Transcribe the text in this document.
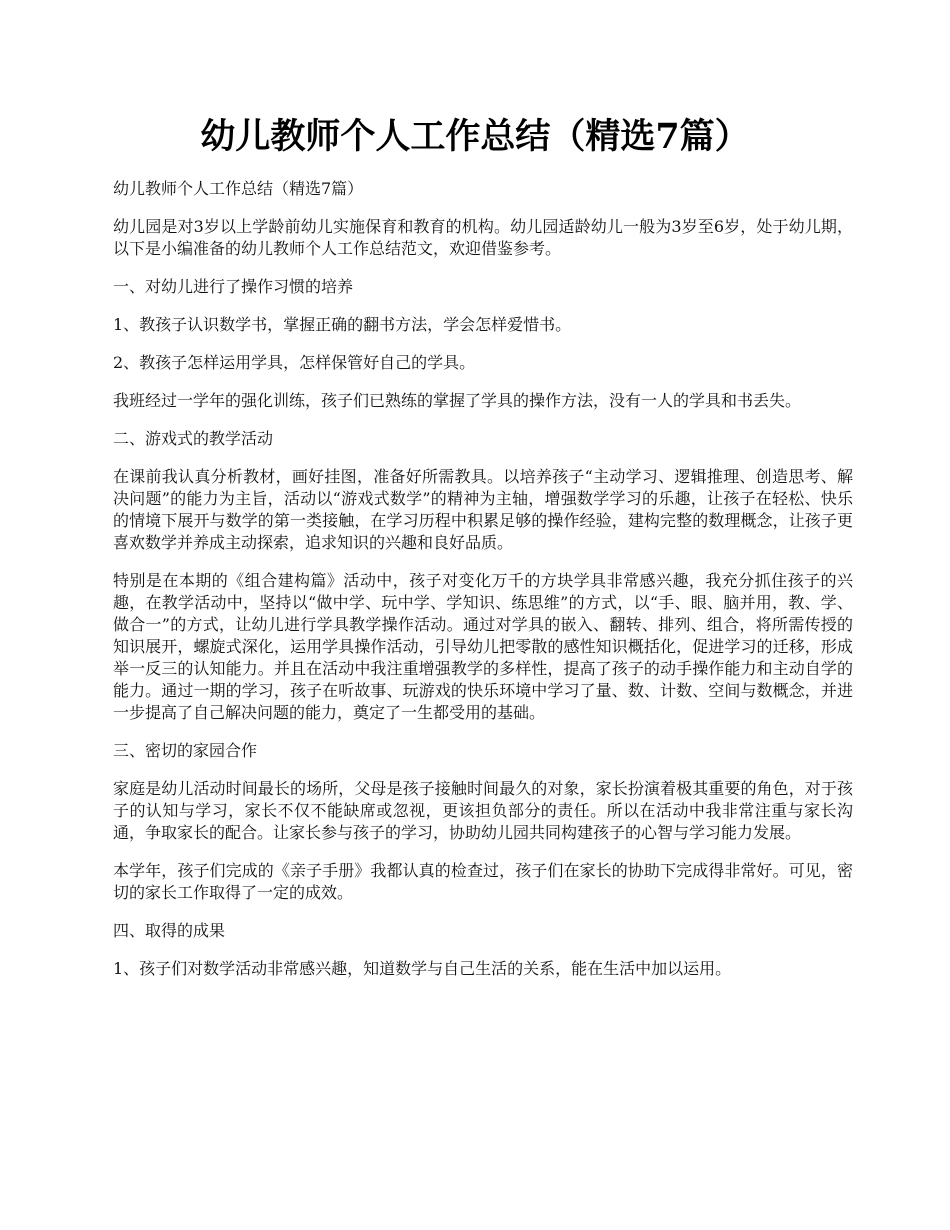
幼儿教师个人工作总结（精选7篇）

幼儿教师个人工作总结（精选7篇）

幼儿园是对3岁以上学龄前幼儿实施保育和教育的机构。幼儿园适龄幼儿一般为3岁至6岁，处于幼儿期，以下是小编准备的幼儿教师个人工作总结范文，欢迎借鉴参考。

一、对幼儿进行了操作习惯的培养

1、教孩子认识数学书，掌握正确的翻书方法，学会怎样爱惜书。

2、教孩子怎样运用学具，怎样保管好自己的学具。

我班经过一学年的强化训练，孩子们已熟练的掌握了学具的操作方法，没有一人的学具和书丢失。

二、游戏式的教学活动

在课前我认真分析教材，画好挂图，准备好所需教具。以培养孩子“主动学习、逻辑推理、创造思考、解决问题”的能力为主旨，活动以“游戏式数学”的精神为主轴，增强数学学习的乐趣，让孩子在轻松、快乐的情境下展开与数学的第一类接触，在学习历程中积累足够的操作经验，建构完整的数理概念，让孩子更喜欢数学并养成主动探索，追求知识的兴趣和良好品质。

特别是在本期的《组合建构篇》活动中，孩子对变化万千的方块学具非常感兴趣，我充分抓住孩子的兴趣，在教学活动中，坚持以“做中学、玩中学、学知识、练思维”的方式，以“手、眼、脑并用，教、学、做合一”的方式，让幼儿进行学具教学操作活动。通过对学具的嵌入、翻转、排列、组合，将所需传授的知识展开，螺旋式深化，运用学具操作活动，引导幼儿把零散的感性知识概括化，促进学习的迁移，形成举一反三的认知能力。并且在活动中我注重增强教学的多样性，提高了孩子的动手操作能力和主动自学的能力。通过一期的学习，孩子在听故事、玩游戏的快乐环境中学习了量、数、计数、空间与数概念，并进一步提高了自己解决问题的能力，奠定了一生都受用的基础。

三、密切的家园合作

家庭是幼儿活动时间最长的场所，父母是孩子接触时间最久的对象，家长扮演着极其重要的角色，对于孩子的认知与学习，家长不仅不能缺席或忽视，更该担负部分的责任。所以在活动中我非常注重与家长沟通，争取家长的配合。让家长参与孩子的学习，协助幼儿园共同构建孩子的心智与学习能力发展。

本学年，孩子们完成的《亲子手册》我都认真的检查过，孩子们在家长的协助下完成得非常好。可见，密切的家长工作取得了一定的成效。

四、取得的成果

1、孩子们对数学活动非常感兴趣，知道数学与自己生活的关系，能在生活中加以运用。
